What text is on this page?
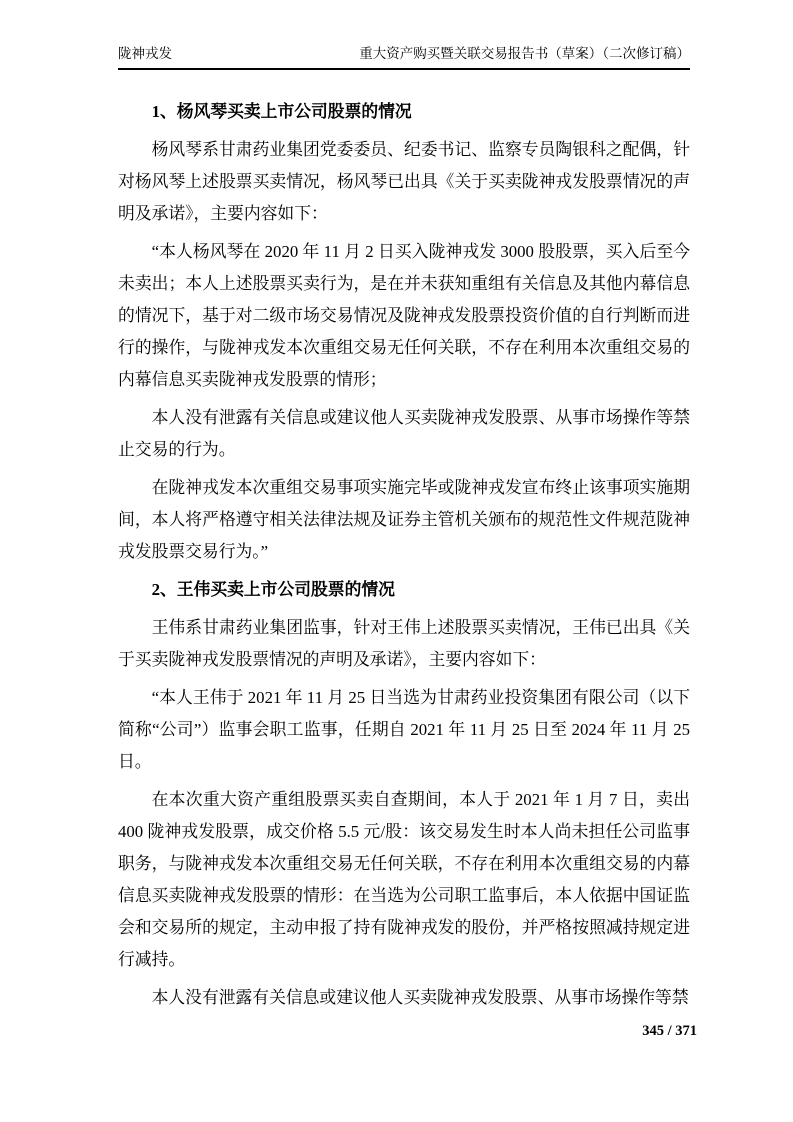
陇神戎发	重大资产购买暨关联交易报告书（草案）（二次修订稿）

1、杨风琴买卖上市公司股票的情况

杨风琴系甘肃药业集团党委委员、纪委书记、监察专员陶银科之配偶，针对杨风琴上述股票买卖情况，杨风琴已出具《关于买卖陇神戎发股票情况的声明及承诺》，主要内容如下：

“本人杨风琴在 2020 年 11 月 2 日买入陇神戎发 3000 股股票，买入后至今未卖出；本人上述股票买卖行为，是在并未获知重组有关信息及其他内幕信息的情况下，基于对二级市场交易情况及陇神戎发股票投资价值的自行判断而进行的操作，与陇神戎发本次重组交易无任何关联，不存在利用本次重组交易的内幕信息买卖陇神戎发股票的情形；

本人没有泄露有关信息或建议他人买卖陇神戎发股票、从事市场操作等禁止交易的行为。

在陇神戎发本次重组交易事项实施完毕或陇神戎发宣布终止该事项实施期间，本人将严格遵守相关法律法规及证券主管机关颁布的规范性文件规范陇神戎发股票交易行为。”

2、王伟买卖上市公司股票的情况

王伟系甘肃药业集团监事，针对王伟上述股票买卖情况，王伟已出具《关于买卖陇神戎发股票情况的声明及承诺》，主要内容如下：

“本人王伟于 2021 年 11 月 25 日当选为甘肃药业投资集团有限公司（以下简称“公司”）监事会职工监事，任期自 2021 年 11 月 25 日至 2024 年 11 月 25 日。

在本次重大资产重组股票买卖自查期间，本人于 2021 年 1 月 7 日，卖出 400 陇神戎发股票，成交价格 5.5 元/股：该交易发生时本人尚未担任公司监事职务，与陇神戎发本次重组交易无任何关联，不存在利用本次重组交易的内幕信息买卖陇神戎发股票的情形：在当选为公司职工监事后，本人依据中国证监会和交易所的规定，主动申报了持有陇神戎发的股份，并严格按照减持规定进行减持。

本人没有泄露有关信息或建议他人买卖陇神戎发股票、从事市场操作等禁

345 / 371
